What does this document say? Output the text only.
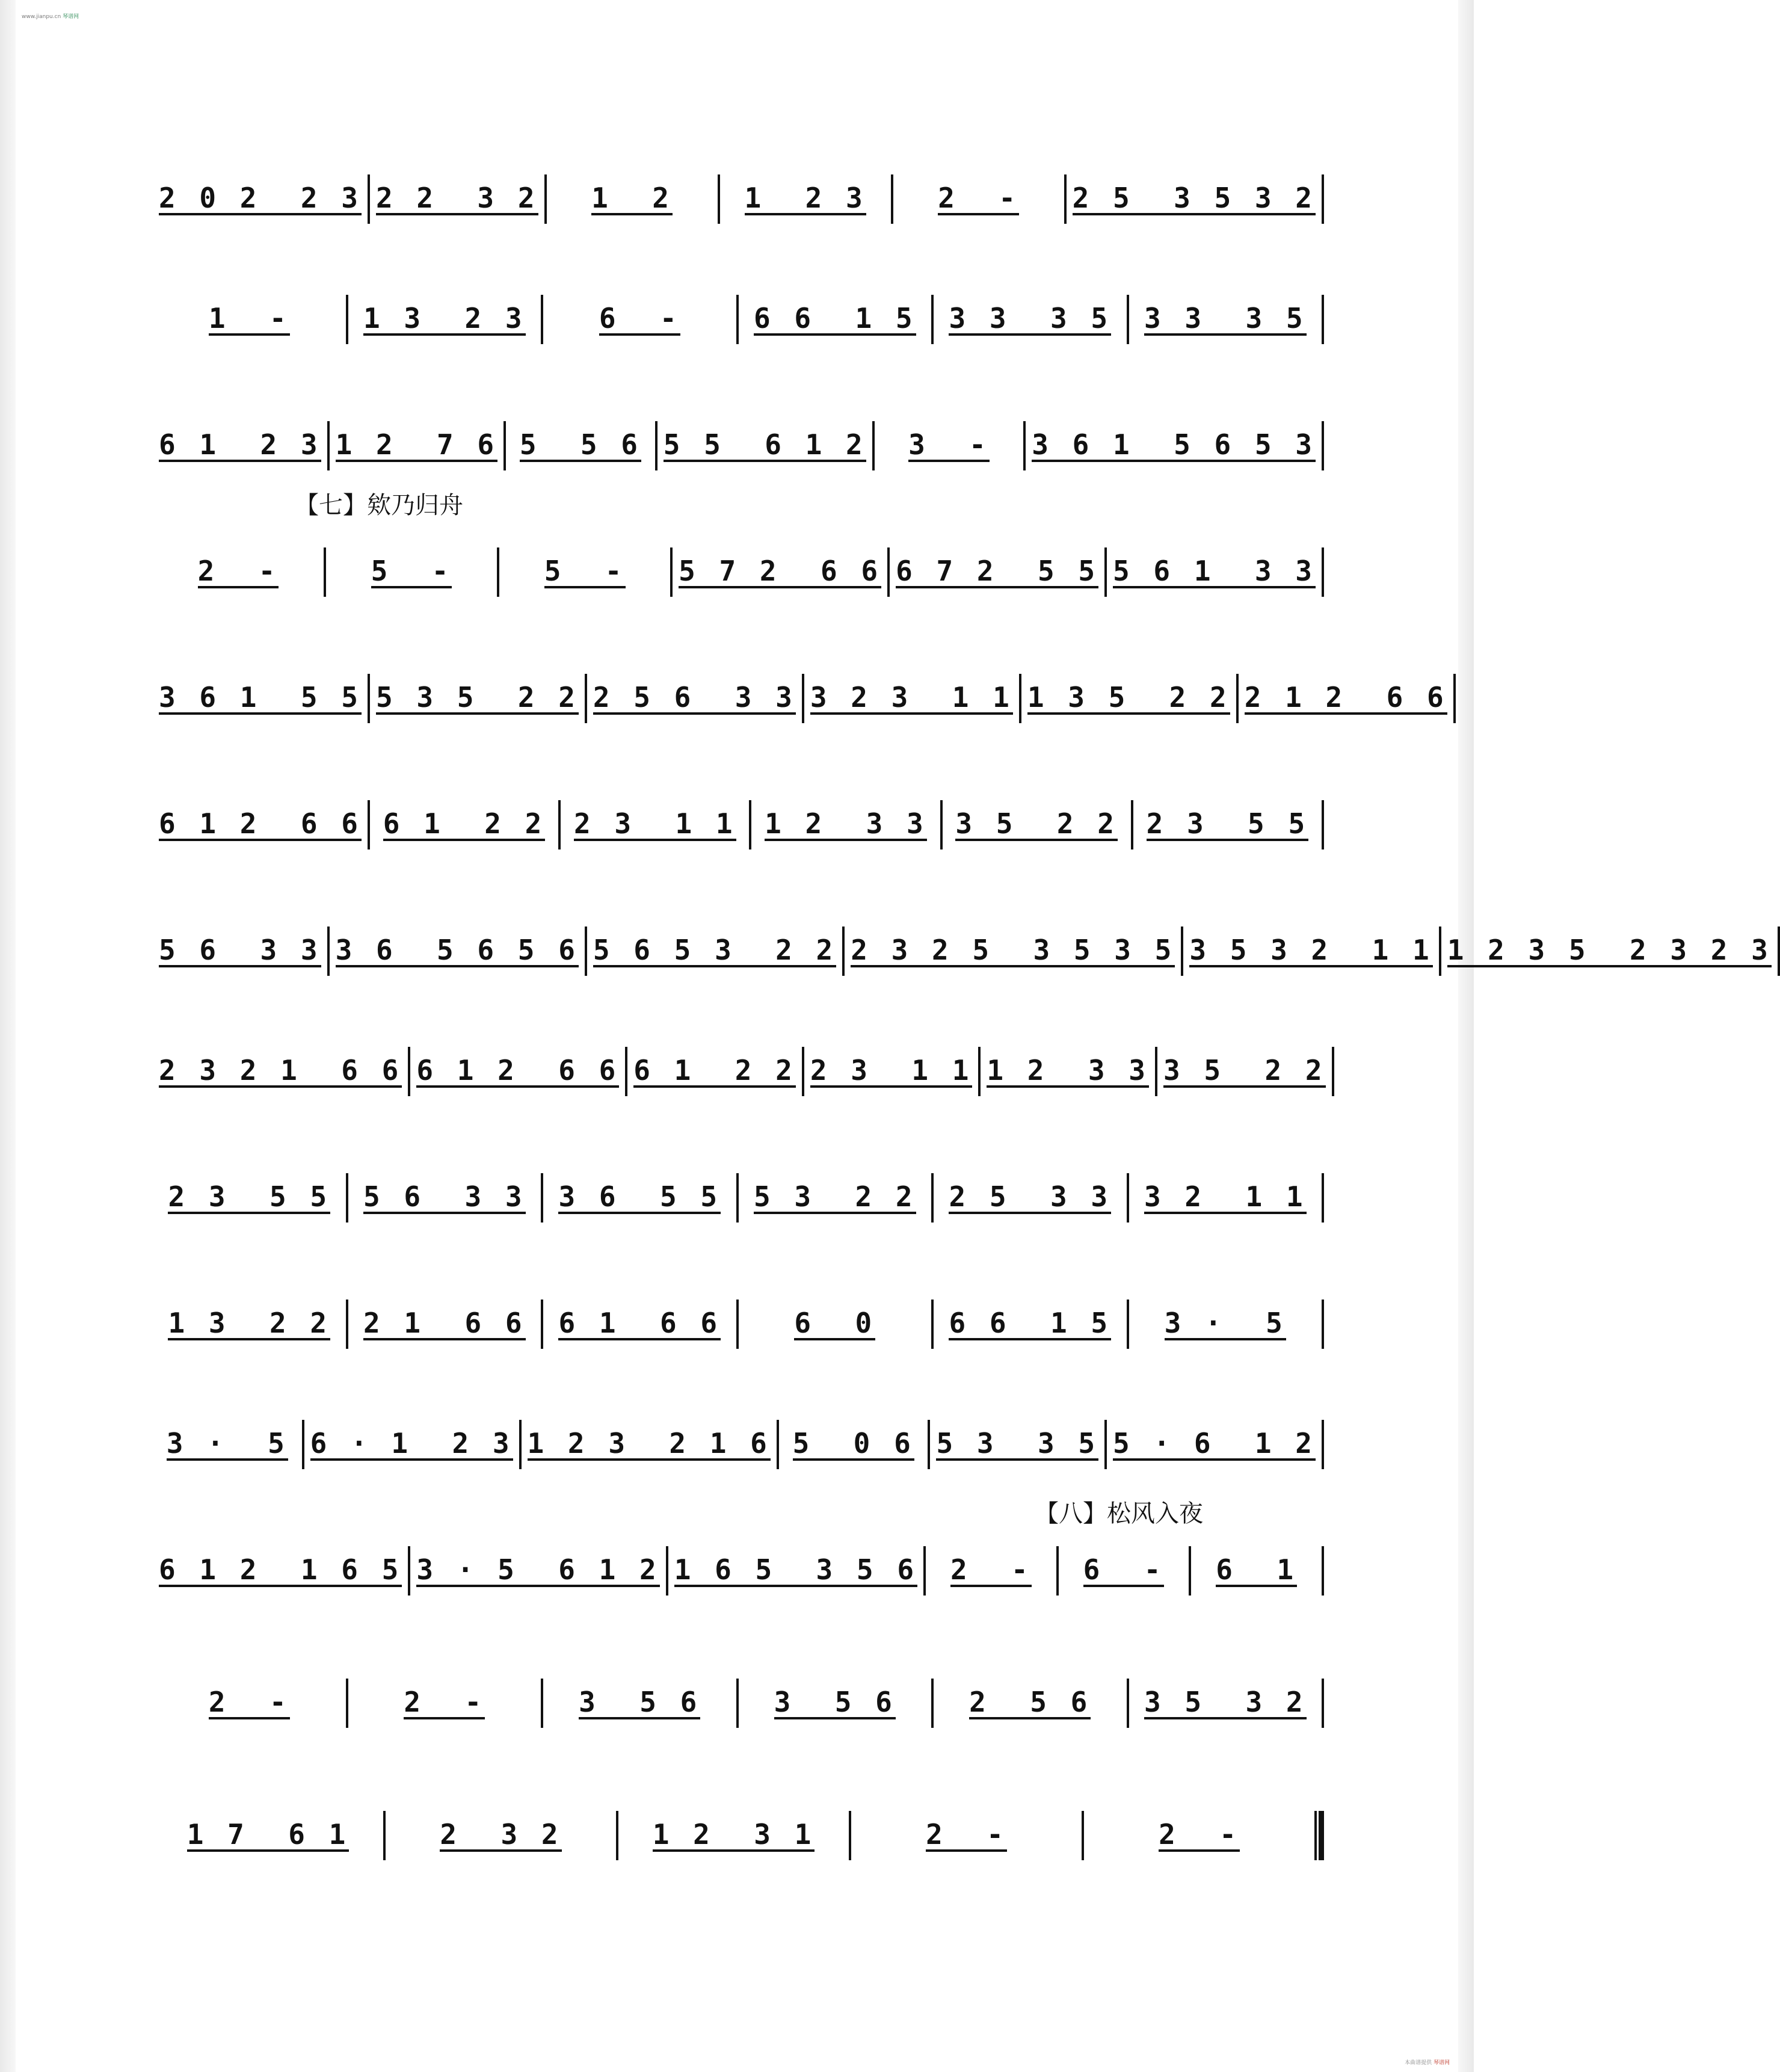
www.jianpu.cn 琴谱网
本曲谱提供 琴谱网
【七】欸乃归舟
【八】松风入夜
2 0 2  2 3 2 2  3 2 1  2	1  2 3	2  - 2 5  3 5 3 2
1  -	1 3  2 3	6  -	6 6  1 5 3 3  3 5 3 3  3 5
6 1  2 3 1 2  7 6 5  5 6 5 5  6 1 2 3  - 3 6 1  5 6 5 3
2  -	5  -	5  - 5 7 2  6 6 6 7 2  5 5 5 6 1  3 3
3 6 1  5 5 5 3 5  2 2 2 5 6  3 3 3 2 3  1 1 1 3 5  2 2 2 1 2  6 6
6 1 2  6 6 6 1  2 2 2 3  1 1 1 2  3 3 3 5  2 2 2 3  5 5
5 6  3 3 3 6  5 6 5 6 5 6 5 3  2 2 2 3 2 5  3 5 3 5 3 5 3 2  1 1 1 2 3 5  2 3 2 3
2 3 2 1  6 6 6 1 2  6 6 6 1  2 2 2 3  1 1 1 2  3 3 3 5  2 2
2 3  5 5 5 6  3 3 3 6  5 5 5 3  2 2 2 5  3 3 3 2  1 1
1 3  2 2 2 1  6 6 6 1  6 6	6  0	6 6  1 5 3 ·  5
3 ·  5 6 · 1  2 3 1 2 3  2 1 6 5  0 6 5 3  3 5 5 · 6  1 2
6 1 2  1 6 5 3 · 5  6 1 2 1 6 5  3 5 6 2  - 6  - 6  1
2  -	2  -	3  5 6	3  5 6	2  5 6 3 5  3 2
1 7  6 1	2  3 2	1 2  3 1	2  -	2  -
